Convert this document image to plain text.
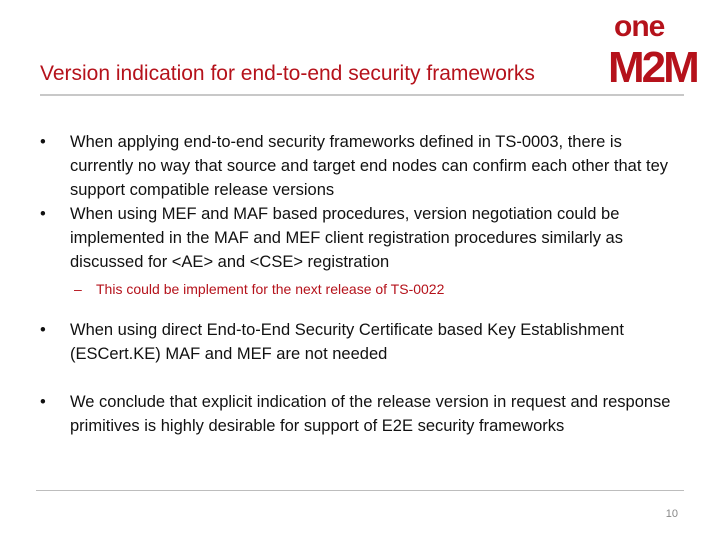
one
M2M
Version indication for end-to-end security frameworks
•	When applying end-to-end security frameworks defined in TS-0003, there is currently no way that source and target end nodes can confirm each other that tey support compatible release versions
•	When using MEF and MAF based procedures, version negotiation could be implemented in the MAF and MEF client registration procedures similarly as discussed for <AE> and <CSE> registration
– This could be implement for the next release of TS-0022
•	When using direct End-to-End Security Certificate based Key Establishment (ESCert.KE) MAF and MEF are not needed
•	We conclude that explicit indication of the release version in request and response primitives is highly desirable for support of E2E security frameworks
10
